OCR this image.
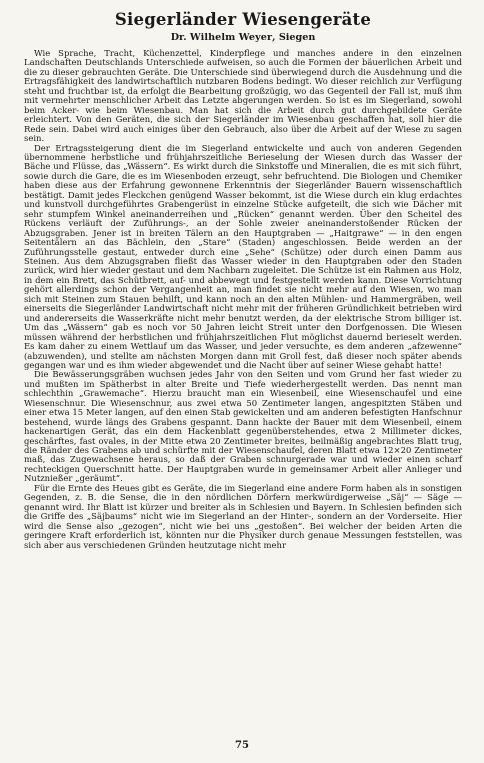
Siegerländer Wiesengeräte
Dr. Wilhelm Weyer, Siegen

Wie Sprache, Tracht, Küchenzettel, Kinderpflege und manches andere in den einzelnen Landschaften Deutschlands Unterschiede aufweisen, so auch die Formen der bäuerlichen Arbeit und die zu dieser gebrauchten Geräte. Die Unterschiede sind überwiegend durch die Ausdehnung und die Ertragsfähigkeit des landwirtschaftlich nutzbaren Bodens bedingt. Wo dieser reichlich zur Verfügung steht und fruchtbar ist, da erfolgt die Bearbeitung großzügig, wo das Gegenteil der Fall ist, muß ihm mit vermehrter menschlicher Arbeit das Letzte abgerungen werden. So ist es im Siegerland, sowohl beim Acker- wie beim Wiesenbau. Man hat sich die Arbeit durch gut durchgebildete Geräte erleichtert. Von den Geräten, die sich der Siegerländer im Wiesenbau geschaffen hat, soll hier die Rede sein. Dabei wird auch einiges über den Gebrauch, also über die Arbeit auf der Wiese zu sagen sein.

Der Ertragssteigerung dient die im Siegerland entwickelte und auch von anderen Gegenden übernommene herbstliche und frühjahrszeitliche Berieselung der Wiesen durch das Wasser der Bäche und Flüsse, das „Wässern“. Es wirkt durch die Sinkstoffe und Mineralien, die es mit sich führt, sowie durch die Gare, die es im Wiesenboden erzeugt, sehr befruchtend. Die Biologen und Chemiker haben diese aus der Erfahrung gewonnene Erkenntnis der Siegerländer Bauern wissenschaftlich bestätigt. Damit jedes Fleckchen genügend Wasser bekommt, ist die Wiese durch ein klug erdachtes und kunstvoll durchgeführtes Grabengerüst in einzelne Stücke aufgeteilt, die sich wie Dächer mit sehr stumpfem Winkel aneinanderreihen und „Rücken“ genannt werden. Über den Scheitel des Rückens verläuft der Zuführungs-, an der Sohle zweier aneinanderstoßender Rücken der Abzugsgraben. Jener ist in breiten Tälern an den Hauptgraben — „Haitgrawe“ — in den engen Seitentälern an das Bächlein, den „Stare“ (Staden) angeschlossen. Beide werden an der Zuführungsstelle gestaut, entweder durch eine „Sehe“ (Schütze) oder durch einen Damm aus Steinen. Aus dem Abzugsgraben fließt das Wasser wieder in den Hauptgraben oder den Staden zurück, wird hier wieder gestaut und dem Nachbarn zugeleitet. Die Schütze ist ein Rahmen aus Holz, in dem ein Brett, das Schütbrett, auf- und abbewegt und festgestellt werden kann. Diese Vorrichtung gehört allerdings schon der Vergangenheit an, man findet sie nicht mehr auf den Wiesen, wo man sich mit Steinen zum Stauen behilft, und kann noch an den alten Mühlen- und Hammergräben, weil einerseits die Siegerländer Landwirtschaft nicht mehr mit der früheren Gründlichkeit betrieben wird und andererseits die Wasserkräfte nicht mehr benutzt werden, da der elektrische Strom billiger ist. Um das „Wässern“ gab es noch vor 50 Jahren leicht Streit unter den Dorfgenossen. Die Wiesen müssen während der herbstlichen und frühjahrszeitlichen Flut möglichst dauernd berieselt werden. Es kam daher zu einem Wettlauf um das Wasser, und jeder versuchte, es dem anderen „afzewenne“ (abzuwenden), und stellte am nächsten Morgen dann mit Groll fest, daß dieser noch später abends gegangen war und es ihm wieder abgewendet und die Nacht über auf seiner Wiese gehabt hatte!

Die Bewässerungsgräben wuchsen jedes Jahr von den Seiten und vom Grund her fast wieder zu und mußten im Spätherbst in alter Breite und Tiefe wiederhergestellt werden. Das nennt man schlechthin „Grawemache“. Hierzu braucht man ein Wiesenbeil, eine Wiesenschaufel und eine Wiesenschnur. Die Wiesenschnur, aus zwei etwa 50 Zentimeter langen, angespitzten Stäben und einer etwa 15 Meter langen, auf den einen Stab gewickelten und am anderen befestigten Hanfschnur bestehend, wurde längs des Grabens gespannt. Dann hackte der Bauer mit dem Wiesenbeil, einem hackenartigen Gerät, das ein dem Hackenblatt gegenüberstehendes, etwa 2 Millimeter dickes, geschärftes, fast ovales, in der Mitte etwa 20 Zentimeter breites, beilmäßig angebrachtes Blatt trug, die Ränder des Grabens ab und schürfte mit der Wiesenschaufel, deren Blatt etwa 12×20 Zentimeter maß, das Zugewachsene heraus, so daß der Graben schnurgerade war und wieder einen scharf rechteckigen Querschnitt hatte. Der Hauptgraben wurde in gemeinsamer Arbeit aller Anlieger und Nutznießer „geräumt“.

Für die Ernte des Heues gibt es Geräte, die im Siegerland eine andere Form haben als in sonstigen Gegenden, z. B. die Sense, die in den nördlichen Dörfern merkwürdigerweise „Säj“ — Säge — genannt wird. Ihr Blatt ist kürzer und breiter als in Schlesien und Bayern. In Schlesien befinden sich die Griffe des „Säjbaums“ nicht wie im Siegerland an der Hinter-, sondern an der Vorderseite. Hier wird die Sense also „gezogen“, nicht wie bei uns „gestoßen“. Bei welcher der beiden Arten die geringere Kraft erforderlich ist, könnten nur die Physiker durch genaue Messungen feststellen, was sich aber aus verschiedenen Gründen heutzutage nicht mehr

75
